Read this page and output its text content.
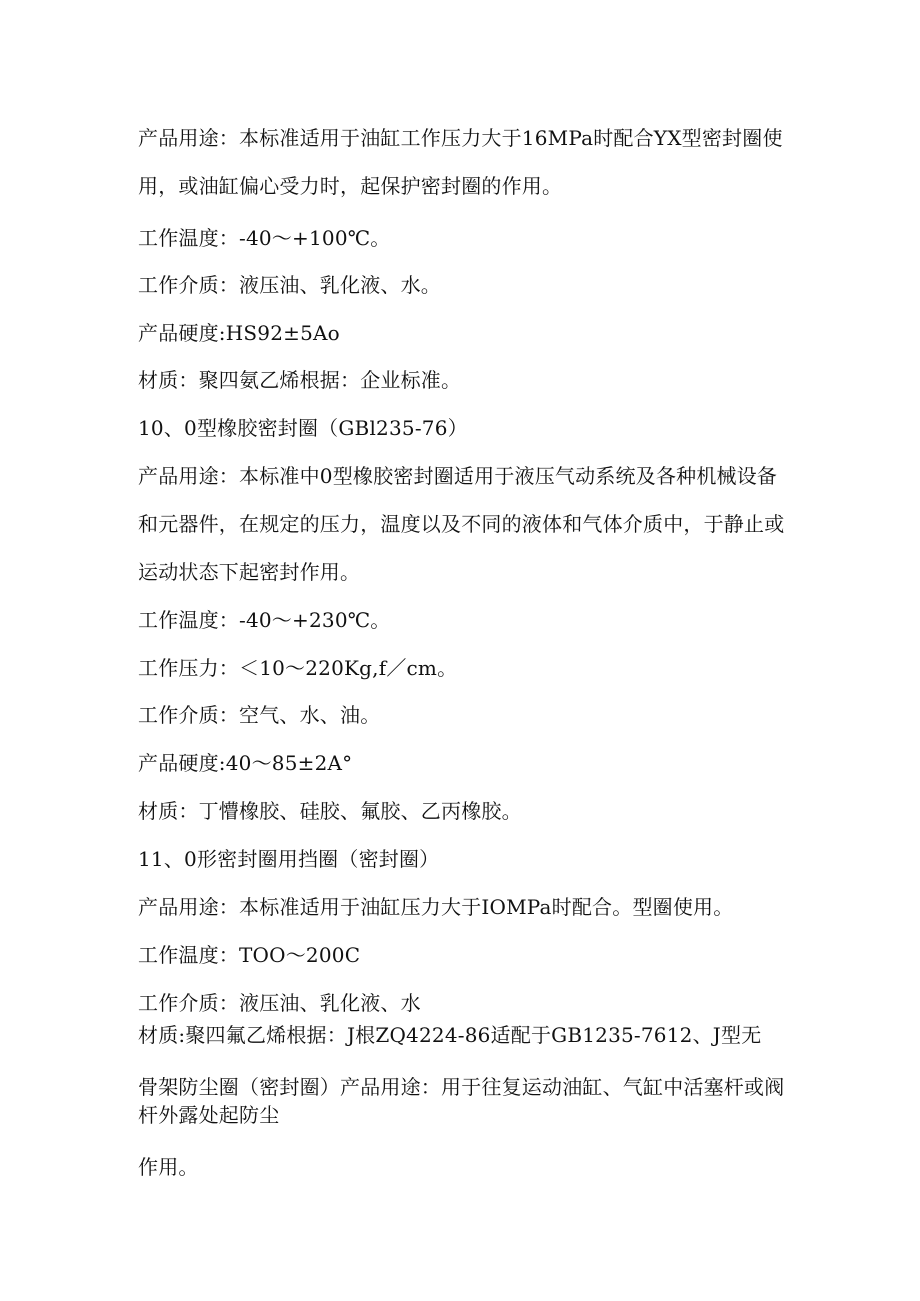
产品用途：本标准适用于油缸工作压力大于16MPa时配合YX型密封圈使
用，或油缸偏心受力时，起保护密封圈的作用。
工作温度：-40～+100℃。
工作介质：液压油、乳化液、水。
产品硬度:HS92±5Ao
材质：聚四氨乙烯根据：企业标准。
10、0型橡胶密封圈（GBl235-76）
产品用途：本标准中0型橡胶密封圈适用于液压气动系统及各种机械设备
和元器件，在规定的压力，温度以及不同的液体和气体介质中，于静止或
运动状态下起密封作用。
工作温度：-40～+230℃。
工作压力：＜10～220Kg,f／cm。
工作介质：空气、水、油。
产品硬度:40～85±2A°
材质：丁懵橡胶、硅胶、氟胶、乙丙橡胶。
11、0形密封圈用挡圈（密封圈）
产品用途：本标准适用于油缸压力大于IOMPa时配合。型圈使用。
工作温度：TOO～200C
工作介质：液压油、乳化液、水
材质:聚四氟乙烯根据：J根ZQ4224-86适配于GB1235-7612、J型无
骨架防尘圈（密封圈）产品用途：用于往复运动油缸、气缸中活塞杆或阀
杆外露处起防尘
作用。
